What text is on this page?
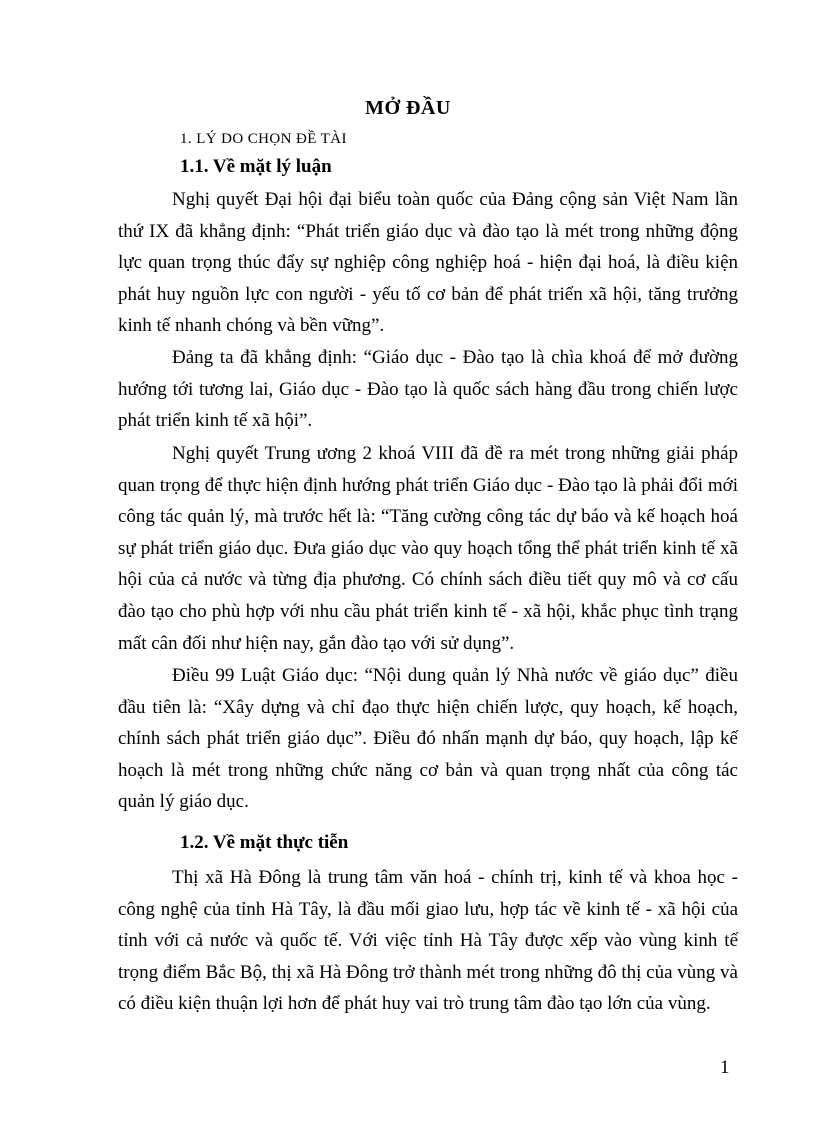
MỞ ĐẦU
1. LÝ DO CHỌN ĐỀ TÀI
1.1. Về mặt lý luận

Nghị quyết Đại hội đại biểu toàn quốc của Đảng cộng sản Việt Nam lần thứ IX đã khẳng định: “Phát triển giáo dục và đào tạo là mét trong những động lực quan trọng thúc đẩy sự nghiệp công nghiệp hoá - hiện đại hoá, là điều kiện phát huy nguồn lực con người - yếu tố cơ bản để phát triển xã hội, tăng trưởng kinh tế nhanh chóng và bền vững”.

Đảng ta đã khẳng định: “Giáo dục - Đào tạo là chìa khoá để mở đường hướng tới tương lai, Giáo dục - Đào tạo là quốc sách hàng đầu trong chiến lược phát triển kinh tế xã hội”.

Nghị quyết Trung ương 2 khoá VIII đã đề ra mét trong những giải pháp quan trọng để thực hiện định hướng phát triển Giáo dục - Đào tạo là phải đổi mới công tác quản lý, mà trước hết là: “Tăng cường công tác dự báo và kế hoạch hoá sự phát triển giáo dục. Đưa giáo dục vào quy hoạch tổng thể phát triển kinh tế xã hội của cả nước và từng địa phương. Có chính sách điều tiết quy mô và cơ cấu đào tạo cho phù hợp với nhu cầu phát triển kinh tế - xã hội, khắc phục tình trạng mất cân đối như hiện nay, gắn đào tạo với sử dụng”.

Điều 99 Luật Giáo dục: “Nội dung quản lý Nhà nước về giáo dục” điều đầu tiên là: “Xây dựng và chỉ đạo thực hiện chiến lược, quy hoạch, kế hoạch, chính sách phát triển giáo dục”. Điều đó nhấn mạnh dự báo, quy hoạch, lập kế hoạch là mét trong những chức năng cơ bản và quan trọng nhất của công tác quản lý giáo dục.

1.2. Về mặt thực tiễn

Thị xã Hà Đông là trung tâm văn hoá - chính trị, kinh tế và khoa học - công nghệ của tỉnh Hà Tây, là đầu mối giao lưu, hợp tác về kinh tế - xã hội của tỉnh với cả nước và quốc tế. Với việc tỉnh Hà Tây được xếp vào vùng kinh tế trọng điểm Bắc Bộ, thị xã Hà Đông trở thành mét trong những đô thị của vùng và có điều kiện thuận lợi hơn để phát huy vai trò trung tâm đào tạo lớn của vùng.

1
